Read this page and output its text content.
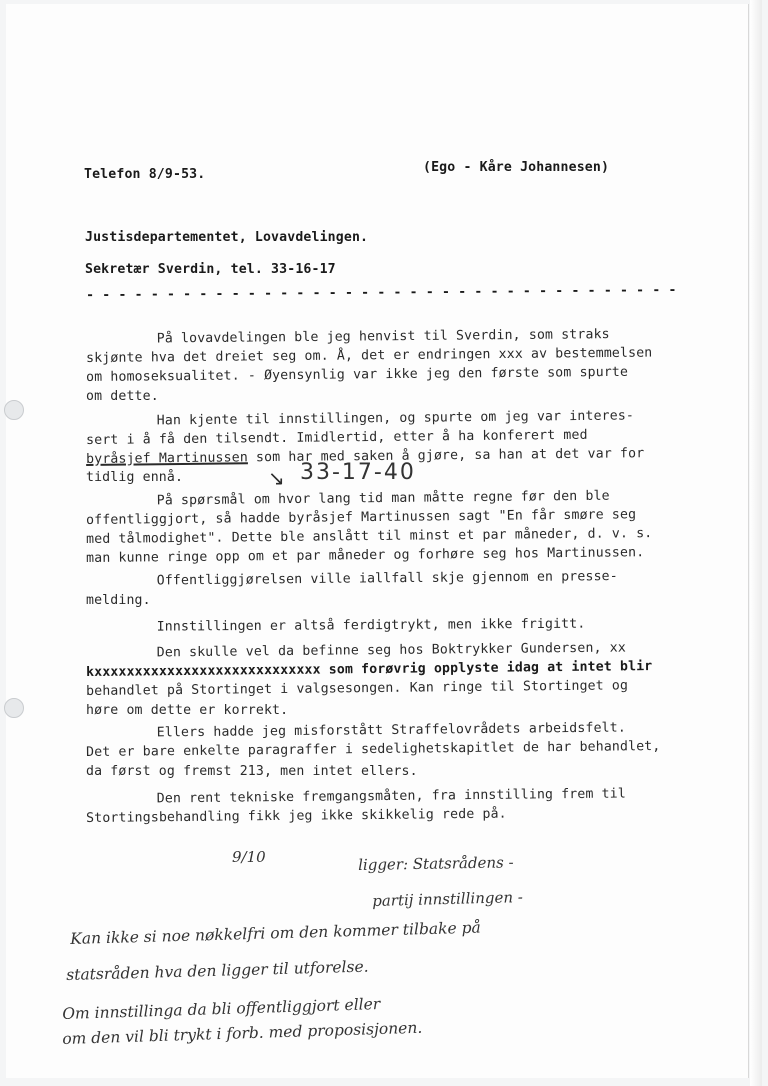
Telefon 8/9-53.	(Ego - Kåre Johannesen)
Justisdepartementet, Lovavdelingen.
Sekretær Sverdin, tel. 33-16-17
- - - - - - - - - - - - - - - - - - - - - - - - - - - - - - - - - - - - -
På lovavdelingen ble jeg henvist til Sverdin, som straks
skjønte hva det dreiet seg om. Å, det er endringen xxx av bestemmelsen
om homoseksualitet. - Øyensynlig var ikke jeg den første som spurte
om dette.
Han kjente til innstillingen, og spurte om jeg var interes-
sert i å få den tilsendt. Imidlertid, etter å ha konferert med
byråsjef Martinussen som har med saken å gjøre, sa han at det var for
tidlig ennå.	↘ 33-17-40
På spørsmål om hvor lang tid man måtte regne før den ble
offentliggjort, så hadde byråsjef Martinussen sagt "En får smøre seg
med tålmodighet". Dette ble anslått til minst et par måneder, d. v. s.
man kunne ringe opp om et par måneder og forhøre seg hos Martinussen.
Offentliggjørelsen ville iallfall skje gjennom en presse-
melding.
Innstillingen er altså ferdigtrykt, men ikke frigitt.
Den skulle vel da befinne seg hos Boktrykker Gundersen, xx
kxxxxxxxxxxxxxxxxxxxxxxxxxxxx som forøvrig opplyste idag at intet blir
behandlet på Stortinget i valgsesongen. Kan ringe til Stortinget og
høre om dette er korrekt.
Ellers hadde jeg misforstått Straffelovrådets arbeidsfelt.
Det er bare enkelte paragraffer i sedelighetskapitlet de har behandlet,
da først og fremst 213, men intet ellers.
Den rent tekniske fremgangsmåten, fra innstilling frem til
Stortingsbehandling fikk jeg ikke skikkelig rede på.
9/10	ligger: Statsrådens -
partij innstillingen -
Kan ikke si noe nøkkelfri om den kommer tilbake på
statsråden hva den ligger til utforelse.
Om innstillinga da bli offentliggjort eller
om den vil bli trykt i forb. med proposisjonen.
